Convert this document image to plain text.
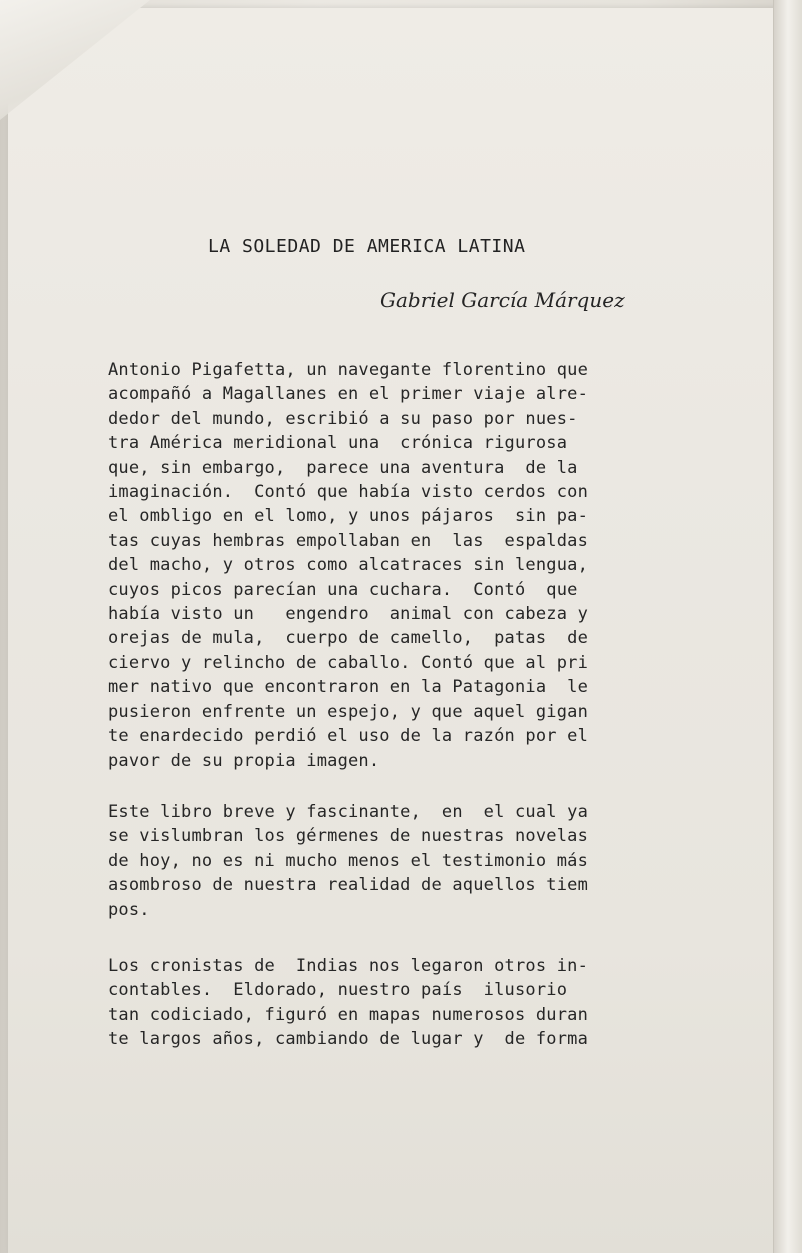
LA SOLEDAD DE AMERICA LATINA
Gabriel García Márquez
Antonio Pigafetta, un navegante florentino que
acompañó a Magallanes en el primer viaje alre-
dedor del mundo, escribió a su paso por nues-
tra América meridional una  crónica rigurosa
que, sin embargo,  parece una aventura  de la
imaginación.  Contó que había visto cerdos con
el ombligo en el lomo, y unos pájaros  sin pa-
tas cuyas hembras empollaban en  las  espaldas
del macho, y otros como alcatraces sin lengua,
cuyos picos parecían una cuchara.  Contó  que
había visto un   engendro  animal con cabeza y
orejas de mula,  cuerpo de camello,  patas  de
ciervo y relincho de caballo. Contó que al pri
mer nativo que encontraron en la Patagonia  le
pusieron enfrente un espejo, y que aquel gigan
te enardecido perdió el uso de la razón por el
pavor de su propia imagen.
Este libro breve y fascinante,  en  el cual ya
se vislumbran los gérmenes de nuestras novelas
de hoy, no es ni mucho menos el testimonio más
asombroso de nuestra realidad de aquellos tiem
pos.
Los cronistas de  Indias nos legaron otros in-
contables.  Eldorado, nuestro país  ilusorio
tan codiciado, figuró en mapas numerosos duran
te largos años, cambiando de lugar y  de forma
